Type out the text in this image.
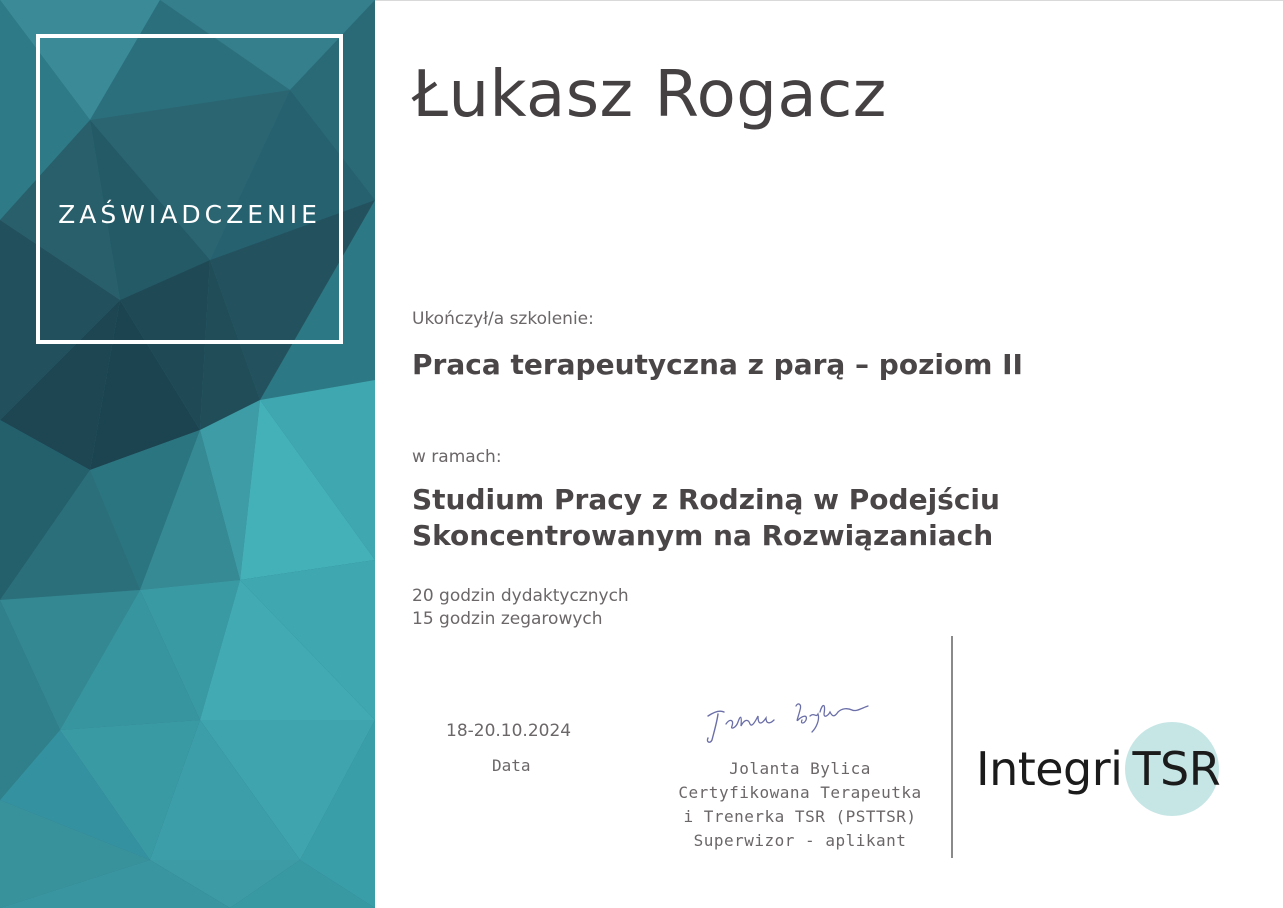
ZAŚWIADCZENIE
Łukasz Rogacz
Ukończył/a szkolenie:
Praca terapeutyczna z parą – poziom II
w ramach:
Studium Pracy z Rodziną w Podejściu
Skoncentrowanym na Rozwiązaniach
20 godzin dydaktycznych
15 godzin zegarowych
18-20.10.2024
Data	Jolanta Bylica
Certyfikowana Terapeutka
i Trenerka TSR (PSTTSR)
Superwizor - aplikant
Integri TSR
